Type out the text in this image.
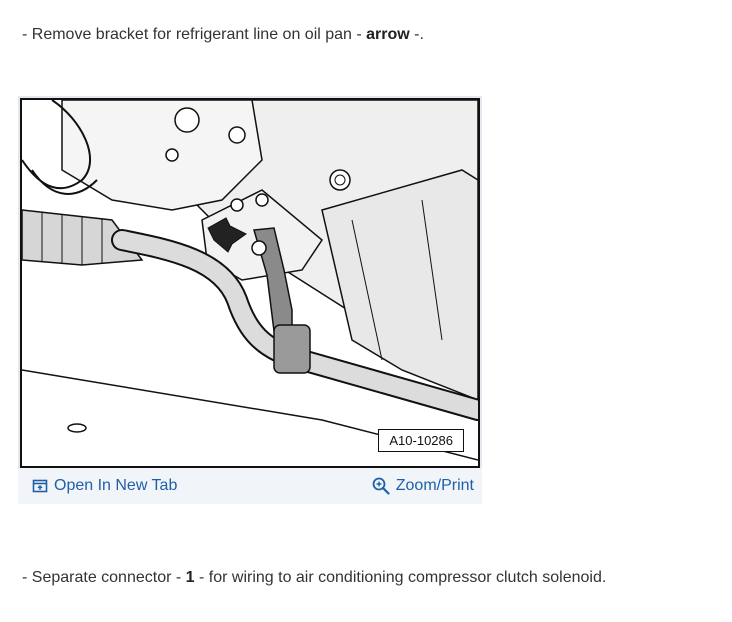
- Remove bracket for refrigerant line on oil pan - arrow -.
A10-10286
Open In New Tab	Zoom/Print
- Separate connector - 1 - for wiring to air conditioning compressor clutch solenoid.
